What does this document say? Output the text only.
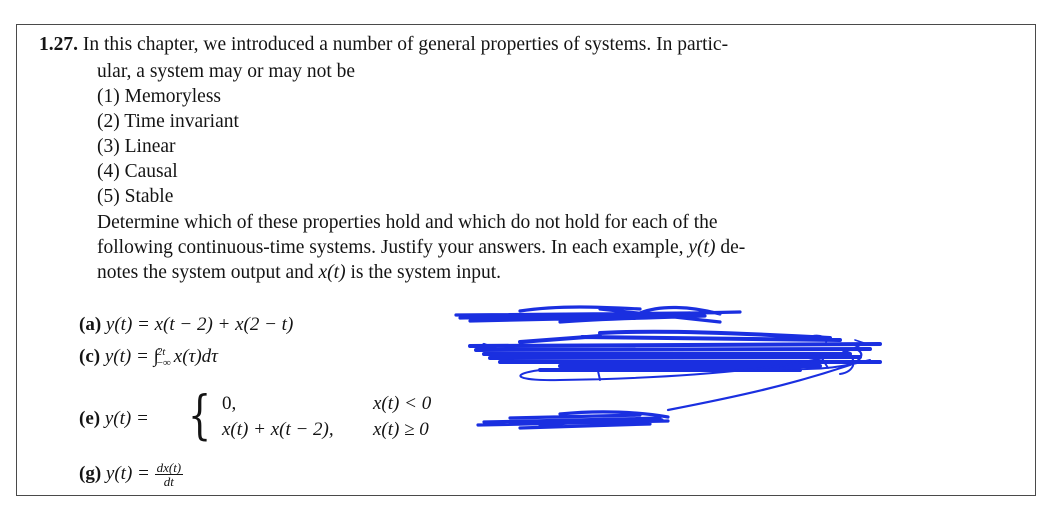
1.27. In this chapter, we introduced a number of general properties of systems. In partic-
ular, a system may or may not be
(1) Memoryless
(2) Time invariant
(3) Linear
(4) Causal
(5) Stable
Determine which of these properties hold and which do not hold for each of the
following continuous-time systems. Justify your answers. In each example, y(t) de-
notes the system output and x(t) is the system input.
(a) y(t) = x(t − 2) + x(2 − t)
(c) y(t) = ∫
2t
−∞ x(τ)dτ
(e) y(t) = { 0,	x(t) < 0
x(t) + x(t − 2), x(t) ≥ 0
(g) $y(t) = \frac{dx(t)}{dt}$
